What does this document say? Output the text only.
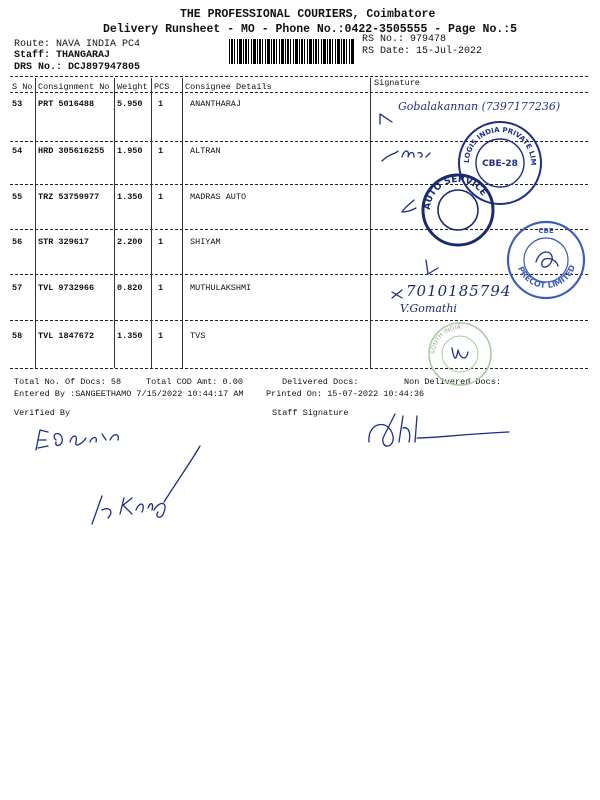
THE PROFESSIONAL COURIERS, Coimbatore
Delivery Runsheet - MO - Phone No.:0422-3505555 - Page No.:5
Route: NAVA INDIA PC4
Staff: THANGARAJ
DRS No.: DCJ897947805
RS No.: 979478
RS Date: 15-Jul-2022
S No Consignment No Weight PCS Consignee Details	Signature
53 PRT 5016488	5.950 1	ANANTHARAJ
54 HRD 305616255 1.950 1	ALTRAN
55 TRZ 53759977 1.350 1	MADRAS AUTO
56 STR 329617	2.200 1	SHIYAM
57 TVL 9732966	0.820 1	MUTHULAKSHMI
58 TVL 1847672	1.350 1	TVS
Total No. Of Docs: 58	Total COD Amt: 0.00	Delivered Docs:	Non Delivered Docs:
Entered By :SANGEETHAMO 7/15/2022 10:44:17 AM	Printed On: 15-07-2022 10:44:36
Verified By	Staff Signature
LOGIS INDIA PRIVATE LIMITED
CBE-28
AUTO SERVICE
CBE
PRECOT LIMITED
SOUTH INDIA
Gobalakannan (7397177236)
7010185794
V.Gomathi
